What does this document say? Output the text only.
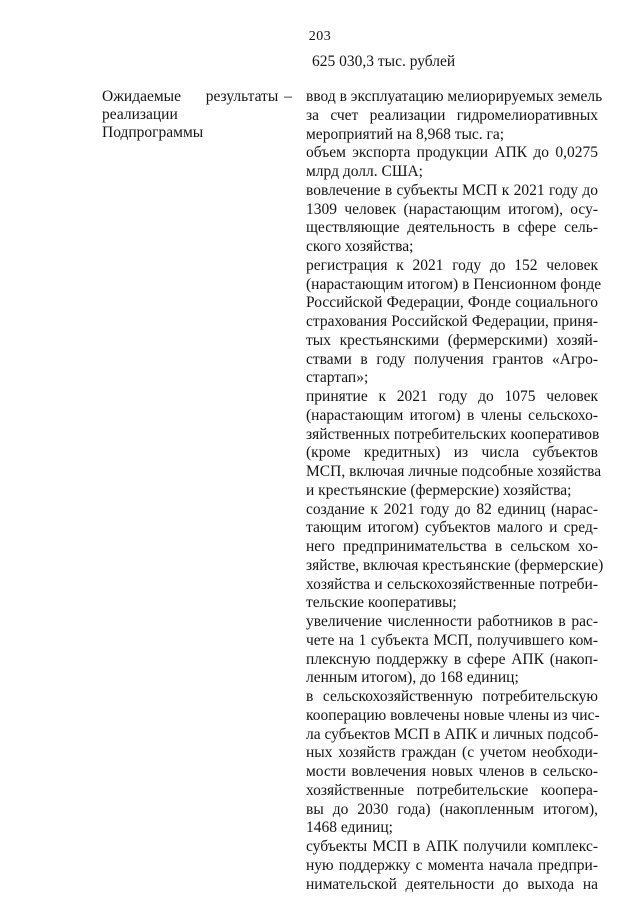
203
625 030,3 тыс. рублей
Ожидаемые результаты –
реализации
Подпрограммы
ввод в эксплуатацию мелиорируемых земель
за счет реализации гидромелиоративных
мероприятий на 8,968 тыс. га;
объем экспорта продукции АПК до 0,0275
млрд долл. США;
вовлечение в субъекты МСП к 2021 году до
1309 человек (нарастающим итогом), осу-
ществляющие деятельность в сфере сель-
ского хозяйства;
регистрация к 2021 году до 152 человек
(нарастающим итогом) в Пенсионном фонде
Российской Федерации, Фонде социального
страхования Российской Федерации, приня-
тых крестьянскими (фермерскими) хозяй-
ствами в году получения грантов «Агро-
стартап»;
принятие к 2021 году до 1075 человек
(нарастающим итогом) в члены сельскохо-
зяйственных потребительских кооперативов
(кроме кредитных) из числа субъектов
МСП, включая личные подсобные хозяйства
и крестьянские (фермерские) хозяйства;
создание к 2021 году до 82 единиц (нарас-
тающим итогом) субъектов малого и сред-
него предпринимательства в сельском хо-
зяйстве, включая крестьянские (фермерские)
хозяйства и сельскохозяйственные потреби-
тельские кооперативы;
увеличение численности работников в рас-
чете на 1 субъекта МСП, получившего ком-
плексную поддержку в сфере АПК (накоп-
ленным итогом), до 168 единиц;
в сельскохозяйственную потребительскую
кооперацию вовлечены новые члены из чис-
ла субъектов МСП в АПК и личных подсоб-
ных хозяйств граждан (с учетом необходи-
мости вовлечения новых членов в сельско-
хозяйственные потребительские коопера-
вы до 2030 года) (накопленным итогом),
1468 единиц;
субъекты МСП в АПК получили комплекс-
ную поддержку с момента начала предпри-
нимательской деятельности до выхода на
